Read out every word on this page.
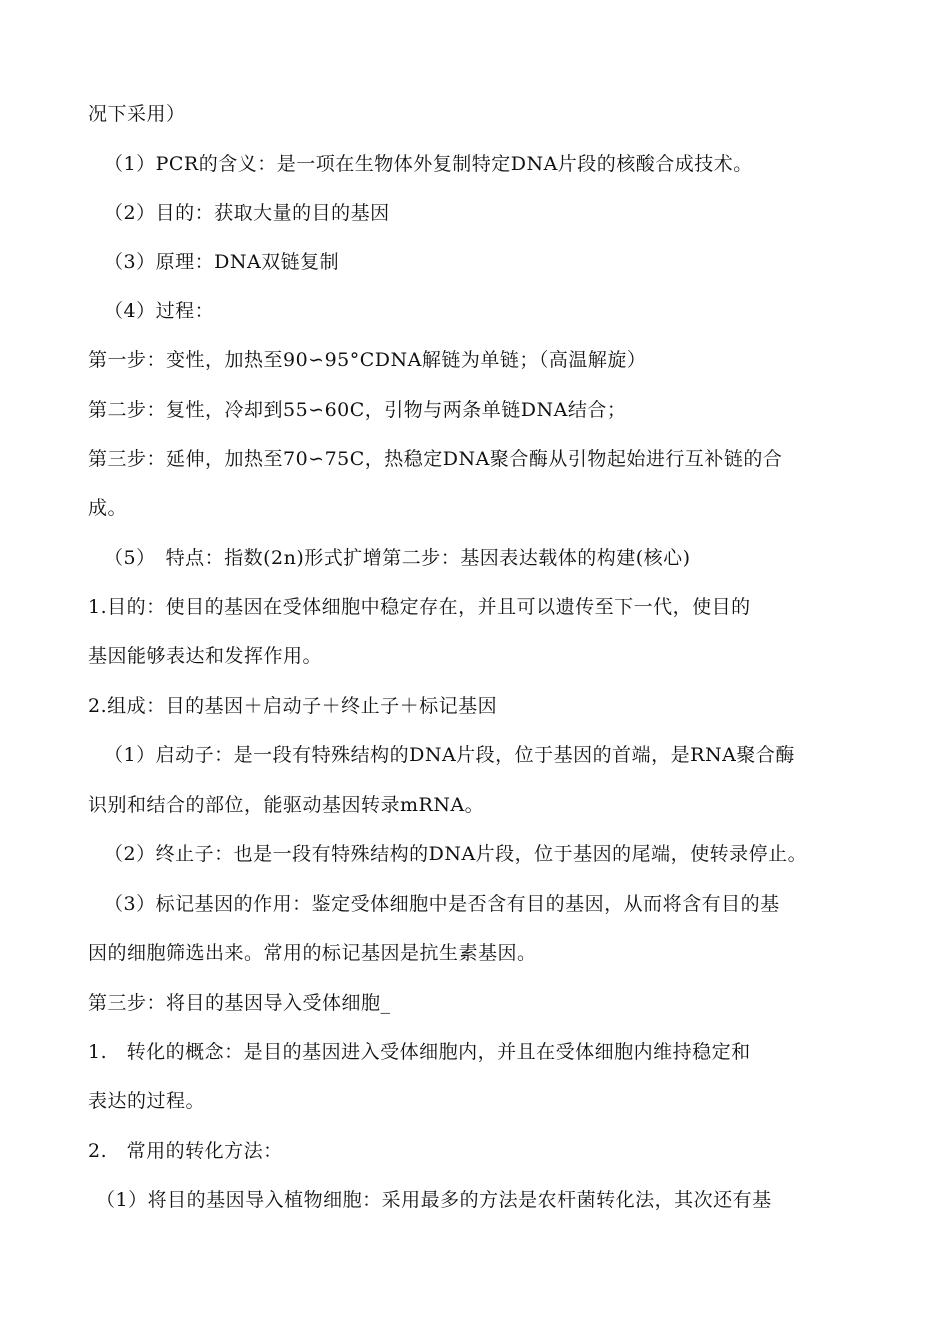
况下采用）
（1）PCR的含义：是一项在生物体外复制特定DNA片段的核酸合成技术。
（2）目的：获取大量的目的基因
（3）原理：DNA双链复制
（4）过程：
第一步：变性，加热至90∽95°CDNA解链为单链；（高温解旋）
第二步：复性，冷却到55∽60C，引物与两条单链DNA结合；
第三步：延伸，加热至70∽75C，热稳定DNA聚合酶从引物起始进行互补链的合
成。
（5）　特点：指数(2n)形式扩增第二步：基因表达载体的构建(核心)
1.目的：使目的基因在受体细胞中稳定存在，并且可以遗传至下一代，使目的
基因能够表达和发挥作用。
2.组成：目的基因＋启动子＋终止子＋标记基因
（1）启动子：是一段有特殊结构的DNA片段，位于基因的首端，是RNA聚合酶
识别和结合的部位，能驱动基因转录mRNA。
（2）终止子：也是一段有特殊结构的DNA片段，位于基因的尾端，使转录停止。
（3）标记基因的作用：鉴定受体细胞中是否含有目的基因，从而将含有目的基
因的细胞筛选出来。常用的标记基因是抗生素基因。
第三步：将目的基因导入受体细胞_
1.　转化的概念：是目的基因进入受体细胞内，并且在受体细胞内维持稳定和
表达的过程。
2.　常用的转化方法：
（1）将目的基因导入植物细胞：采用最多的方法是农杆菌转化法，其次还有基
